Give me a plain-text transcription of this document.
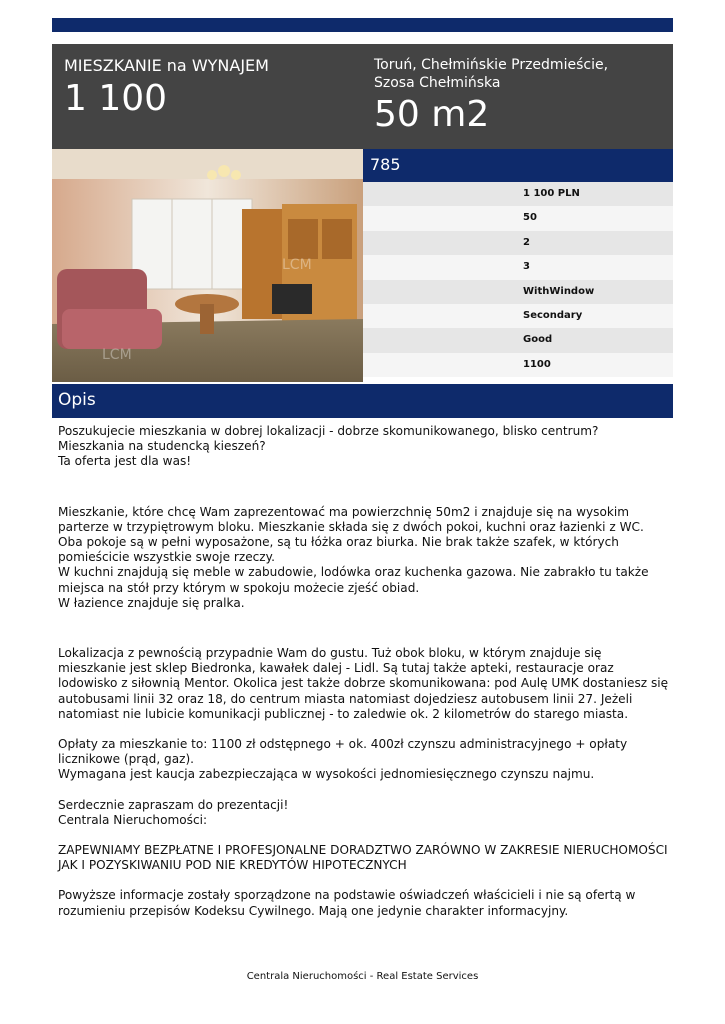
MIESZKANIE na WYNAJEM
1 100
Toruń, Chełmińskie Przedmieście,
Szosa Chełmińska
50 m2
LCM
LCM
785
1 100 PLN
50
2
3
WithWindow
Secondary
Good
1100
Opis
Poszukujecie mieszkania w dobrej lokalizacji - dobrze skomunikowanego, blisko centrum?
Mieszkania na studencką kieszeń?
Ta oferta jest dla was!
Mieszkanie, które chcę Wam zaprezentować ma powierzchnię 50m2 i znajduje się na wysokim parterze w trzypiętrowym bloku. Mieszkanie składa się z dwóch pokoi, kuchni oraz łazienki z WC. Oba pokoje są w pełni wyposażone, są tu łóżka oraz biurka. Nie brak także szafek, w których pomieścicie wszystkie swoje rzeczy.
W kuchni znajdują się meble w zabudowie, lodówka oraz kuchenka gazowa. Nie zabrakło tu także miejsca na stół przy którym w spokoju możecie zjeść obiad.
W łazience znajduje się pralka.
Lokalizacja z pewnością przypadnie Wam do gustu. Tuż obok bloku, w którym znajduje się mieszkanie jest sklep Biedronka, kawałek dalej - Lidl. Są tutaj także apteki, restauracje oraz lodowisko z siłownią Mentor. Okolica jest także dobrze skomunikowana: pod Aulę UMK dostaniesz się autobusami linii 32 oraz 18, do centrum miasta natomiast dojedziesz autobusem linii 27. Jeżeli natomiast nie lubicie komunikacji publicznej - to zaledwie ok. 2 kilometrów do starego miasta.
Opłaty za mieszkanie to: 1100 zł odstępnego + ok. 400zł czynszu administracyjnego + opłaty licznikowe (prąd, gaz).
Wymagana jest kaucja zabezpieczająca w wysokości jednomiesięcznego czynszu najmu.
Serdecznie zapraszam do prezentacji!
Centrala Nieruchomości:
ZAPEWNIAMY BEZPŁATNE I PROFESJONALNE DORADZTWO ZARÓWNO W ZAKRESIE NIERUCHOMOŚCI JAK I POZYSKIWANIU POD NIE KREDYTÓW HIPOTECZNYCH
Powyższe informacje zostały sporządzone na podstawie oświadczeń właścicieli i nie są ofertą w rozumieniu przepisów Kodeksu Cywilnego. Mają one jedynie charakter informacyjny.
Centrala Nieruchomości - Real Estate Services
